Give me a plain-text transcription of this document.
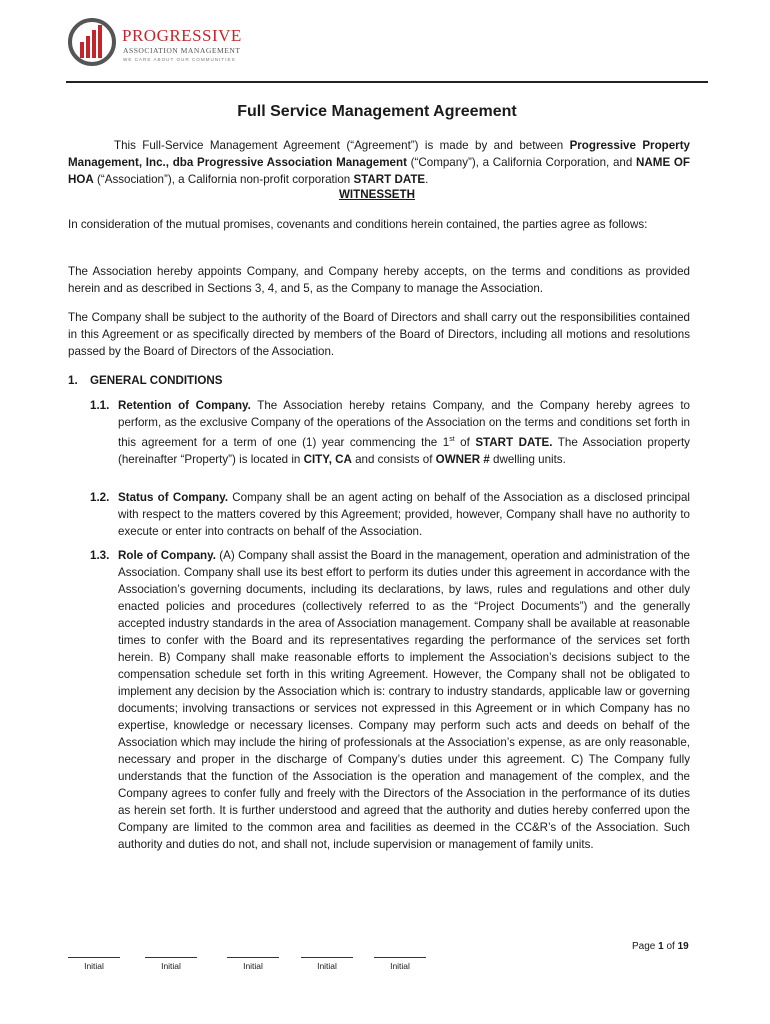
PROGRESSIVE
ASSOCIATION MANAGEMENT
WE CARE ABOUT OUR COMMUNITIES
Full Service Management Agreement
This Full-Service Management Agreement (“Agreement”) is made by and between Progressive Property Management, Inc., dba Progressive Association Management (“Company”), a California Corporation, and NAME OF HOA (“Association”), a California non-profit corporation START DATE.
WITNESSETH
In consideration of the mutual promises, covenants and conditions herein contained, the parties agree as follows:
The Association hereby appoints Company, and Company hereby accepts, on the terms and conditions as provided herein and as described in Sections 3, 4, and 5, as the Company to manage the Association.
The Company shall be subject to the authority of the Board of Directors and shall carry out the responsibilities contained in this Agreement or as specifically directed by members of the Board of Directors, including all motions and resolutions passed by the Board of Directors of the Association.
1. GENERAL CONDITIONS
1.1. Retention of Company. The Association hereby retains Company, and the Company hereby agrees to perform, as the exclusive Company of the operations of the Association on the terms and conditions set forth in this agreement for a term of one (1) year commencing the 1st of START DATE. The Association property (hereinafter “Property”) is located in CITY, CA and consists of OWNER # dwelling units.
1.2. Status of Company. Company shall be an agent acting on behalf of the Association as a disclosed principal with respect to the matters covered by this Agreement; provided, however, Company shall have no authority to execute or enter into contracts on behalf of the Association.
1.3. Role of Company. (A) Company shall assist the Board in the management, operation and administration of the Association. Company shall use its best effort to perform its duties under this agreement in accordance with the Association’s governing documents, including its declarations, by laws, rules and regulations and other duly enacted policies and procedures (collectively referred to as the “Project Documents”) and the generally accepted industry standards in the area of Association management. Company shall be available at reasonable times to confer with the Board and its representatives regarding the performance of the services set forth herein. B) Company shall make reasonable efforts to implement the Association’s decisions subject to the compensation schedule set forth in this writing Agreement. However, the Company shall not be obligated to implement any decision by the Association which is: contrary to industry standards, applicable law or governing documents; involving transactions or services not expressed in this Agreement or in which Company has no expertise, knowledge or necessary licenses. Company may perform such acts and deeds on behalf of the Association which may include the hiring of professionals at the Association’s expense, as are only reasonable, necessary and proper in the discharge of Company’s duties under this agreement. C) The Company fully understands that the function of the Association is the operation and management of the complex, and the Company agrees to confer fully and freely with the Directors of the Association in the performance of its duties as herein set forth. It is further understood and agreed that the authority and duties hereby conferred upon the Company are limited to the common area and facilities as deemed in the CC&R’s of the Association. Such authority and duties do not, and shall not, include supervision or management of family units.
Page 1 of 19
Initial	Initial	Initial	Initial	Initial
